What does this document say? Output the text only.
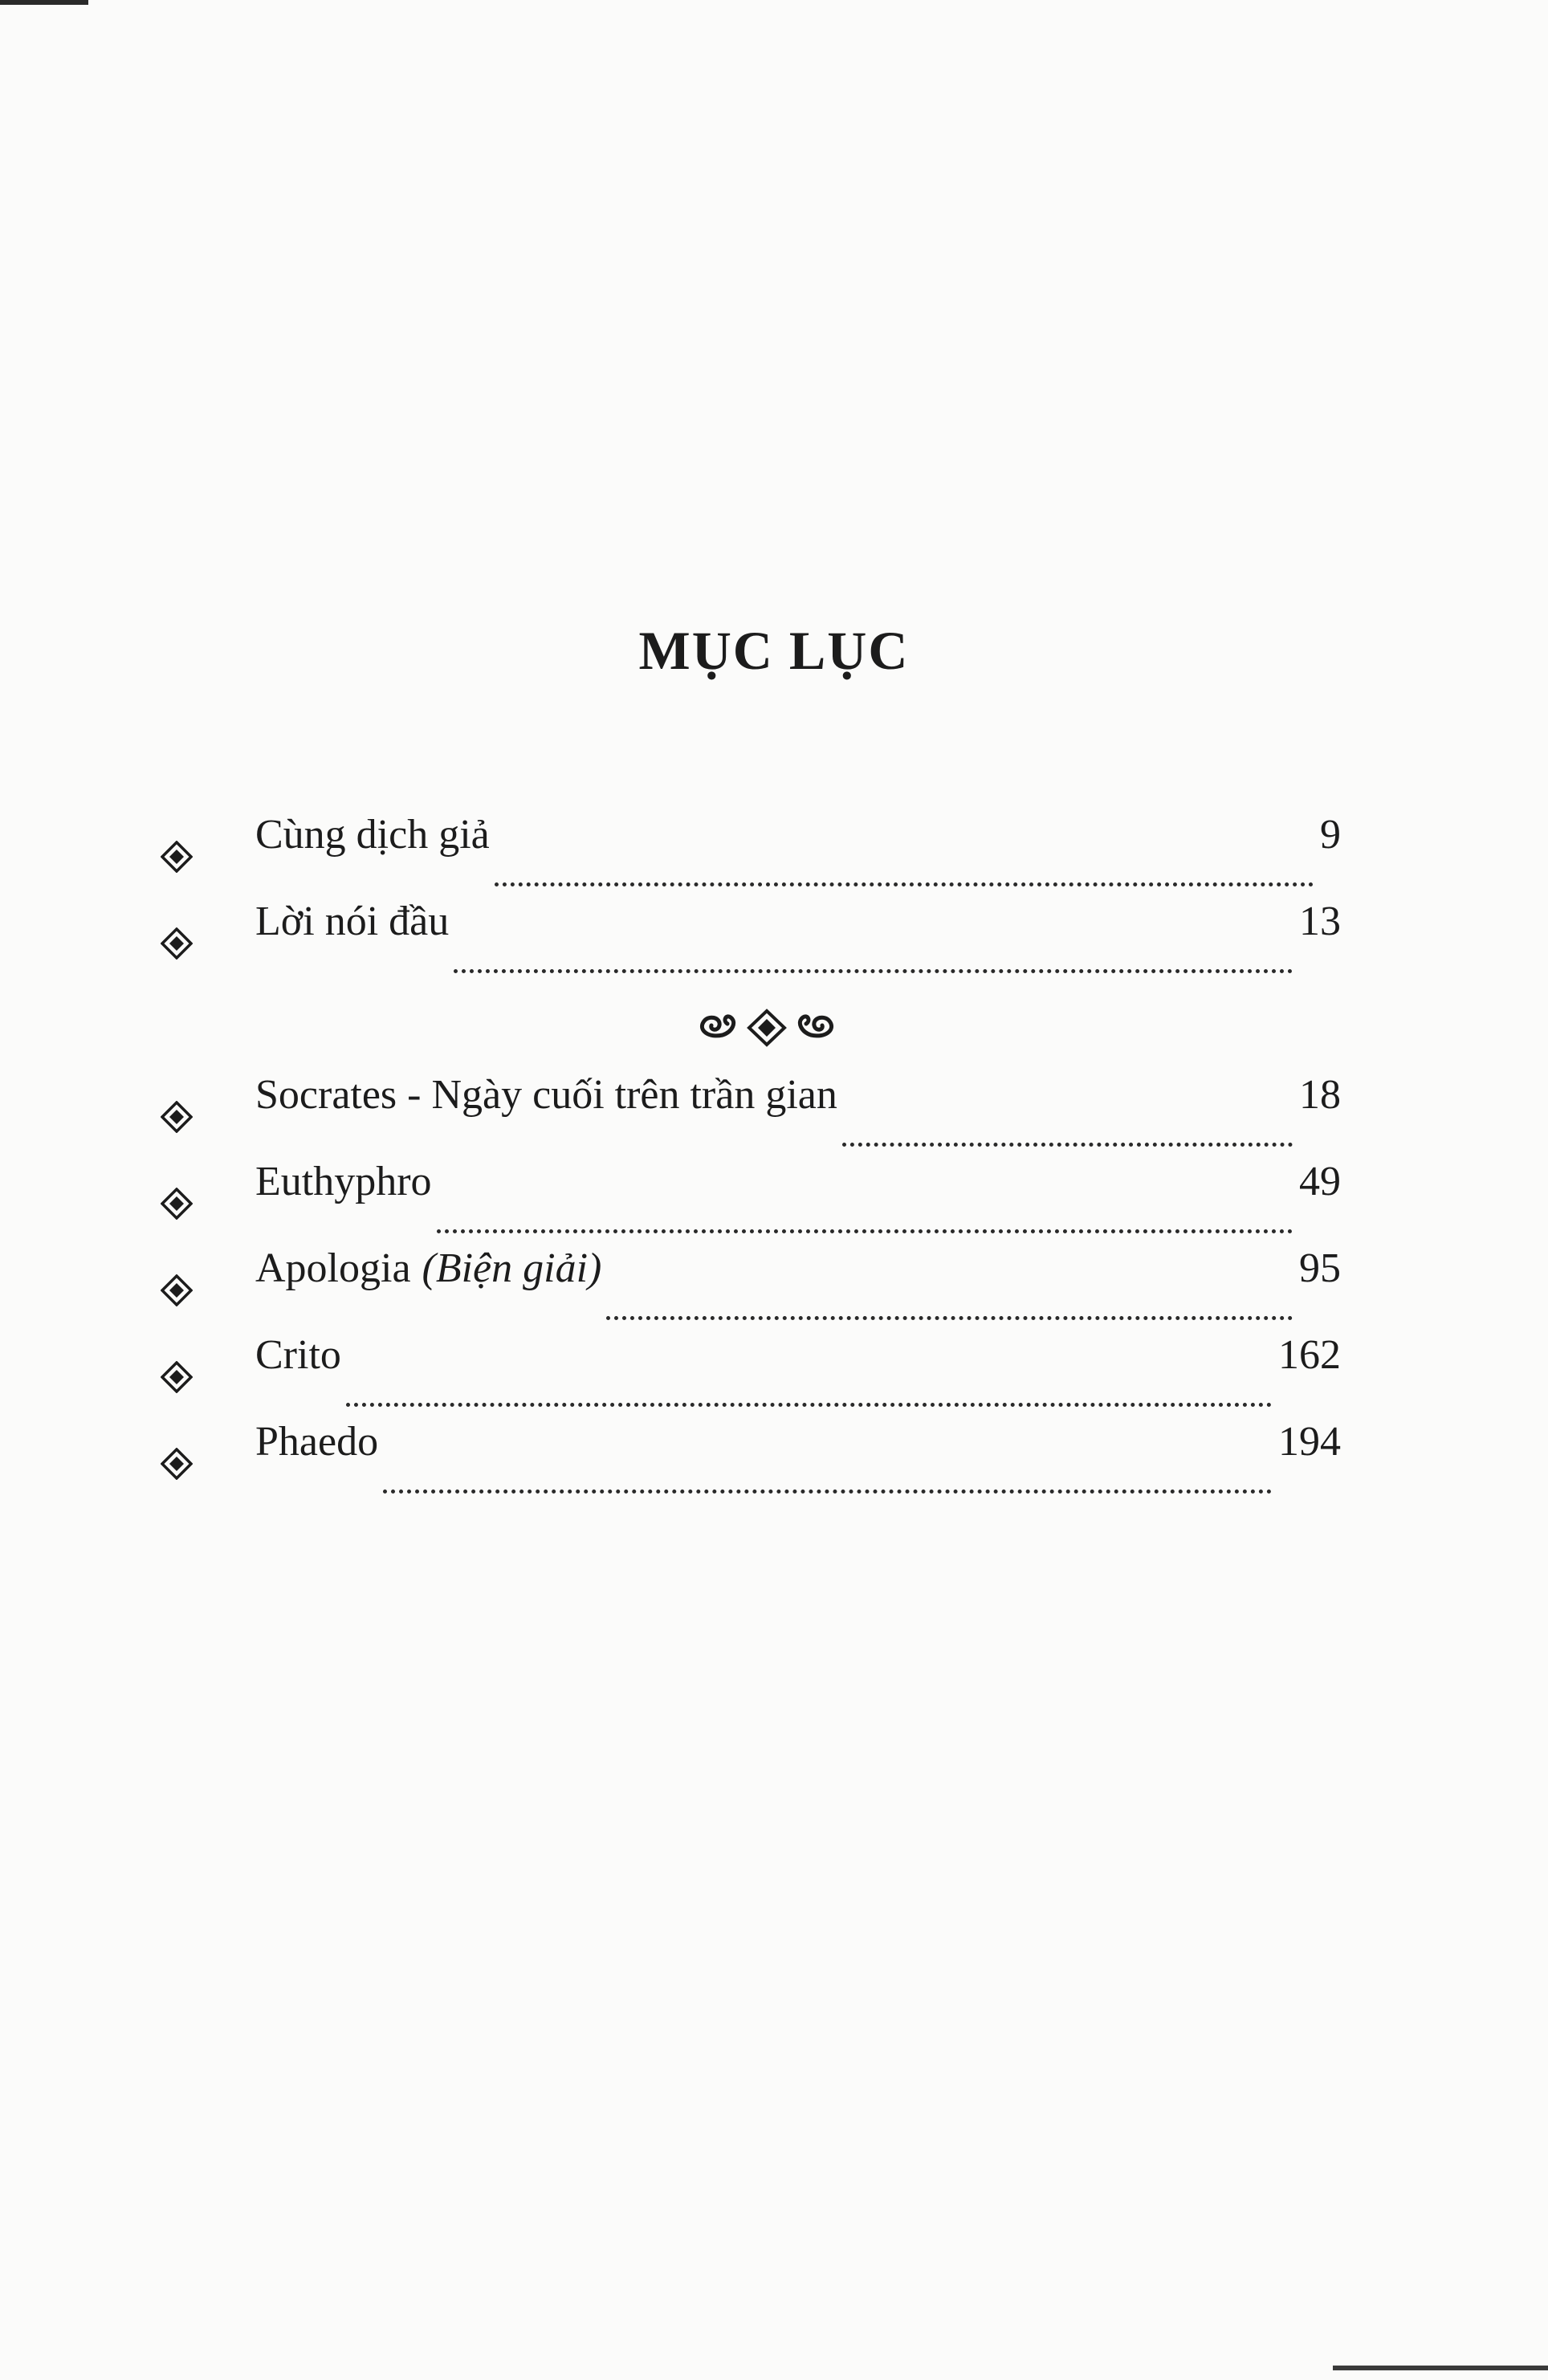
MỤC LỤC
Cùng dịch giả	9
Lời nói đầu	13
Socrates - Ngày cuối trên trần gian	18
Euthyphro	49
Apologia (Biện giải)	95
Crito	162
Phaedo	194
